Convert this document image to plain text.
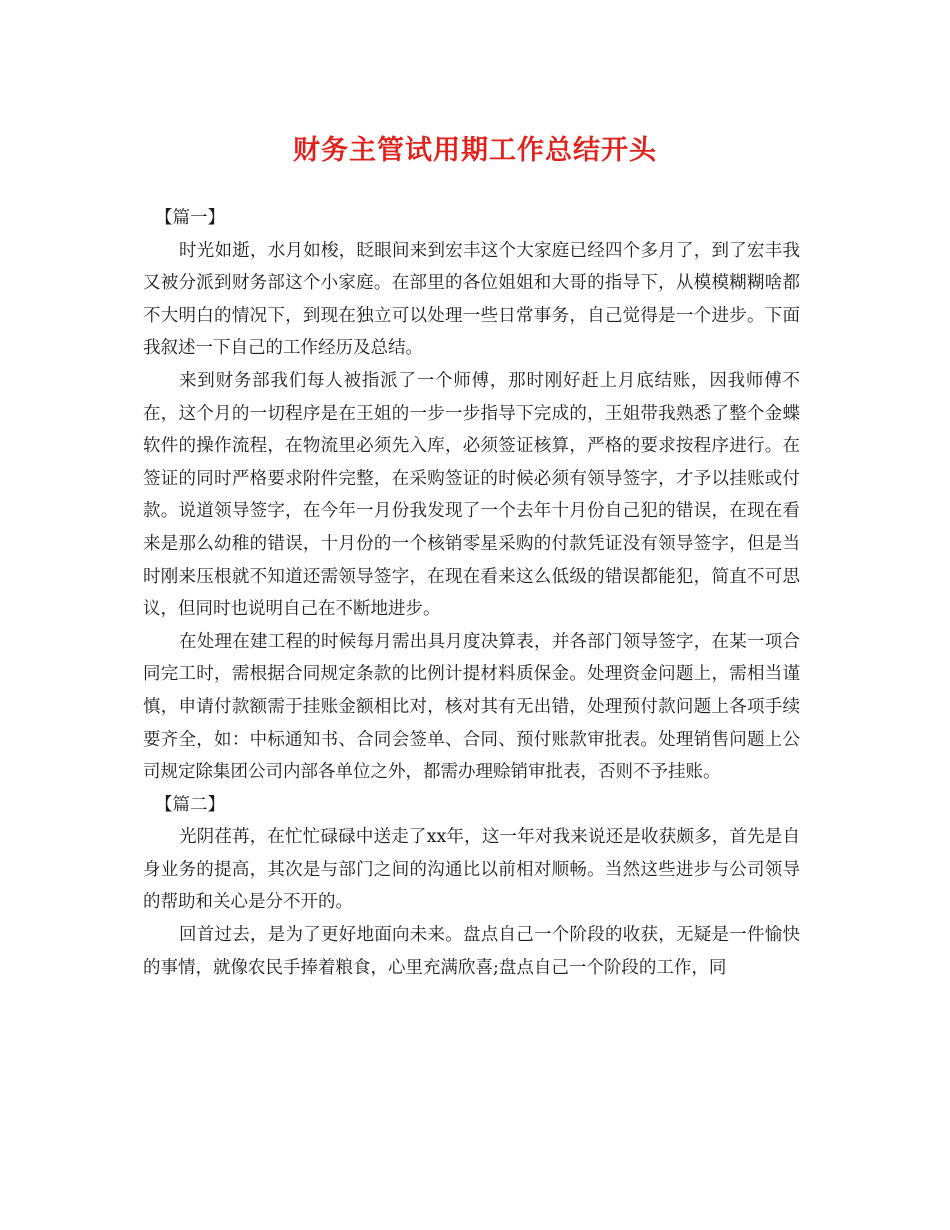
财务主管试用期工作总结开头

【篇一】

时光如逝，水月如梭，眨眼间来到宏丰这个大家庭已经四个多月了，到了宏丰我又被分派到财务部这个小家庭。在部里的各位姐姐和大哥的指导下，从模模糊糊啥都不大明白的情况下，到现在独立可以处理一些日常事务，自己觉得是一个进步。下面我叙述一下自己的工作经历及总结。

来到财务部我们每人被指派了一个师傅，那时刚好赶上月底结账，因我师傅不在，这个月的一切程序是在王姐的一步一步指导下完成的，王姐带我熟悉了整个金蝶软件的操作流程，在物流里必须先入库，必须签证核算，严格的要求按程序进行。在签证的同时严格要求附件完整，在采购签证的时候必须有领导签字，才予以挂账或付款。说道领导签字，在今年一月份我发现了一个去年十月份自己犯的错误，在现在看来是那么幼稚的错误，十月份的一个核销零星采购的付款凭证没有领导签字，但是当时刚来压根就不知道还需领导签字，在现在看来这么低级的错误都能犯，简直不可思议，但同时也说明自己在不断地进步。

在处理在建工程的时候每月需出具月度决算表，并各部门领导签字，在某一项合同完工时，需根据合同规定条款的比例计提材料质保金。处理资金问题上，需相当谨慎，申请付款额需于挂账金额相比对，核对其有无出错，处理预付款问题上各项手续要齐全，如：中标通知书、合同会签单、合同、预付账款审批表。处理销售问题上公司规定除集团公司内部各单位之外，都需办理赊销审批表，否则不予挂账。

【篇二】

光阴荏苒，在忙忙碌碌中送走了xx年，这一年对我来说还是收获颇多，首先是自身业务的提高，其次是与部门之间的沟通比以前相对顺畅。当然这些进步与公司领导的帮助和关心是分不开的。

回首过去，是为了更好地面向未来。盘点自己一个阶段的收获，无疑是一件愉快的事情，就像农民手捧着粮食，心里充满欣喜;盘点自己一个阶段的工作，同
